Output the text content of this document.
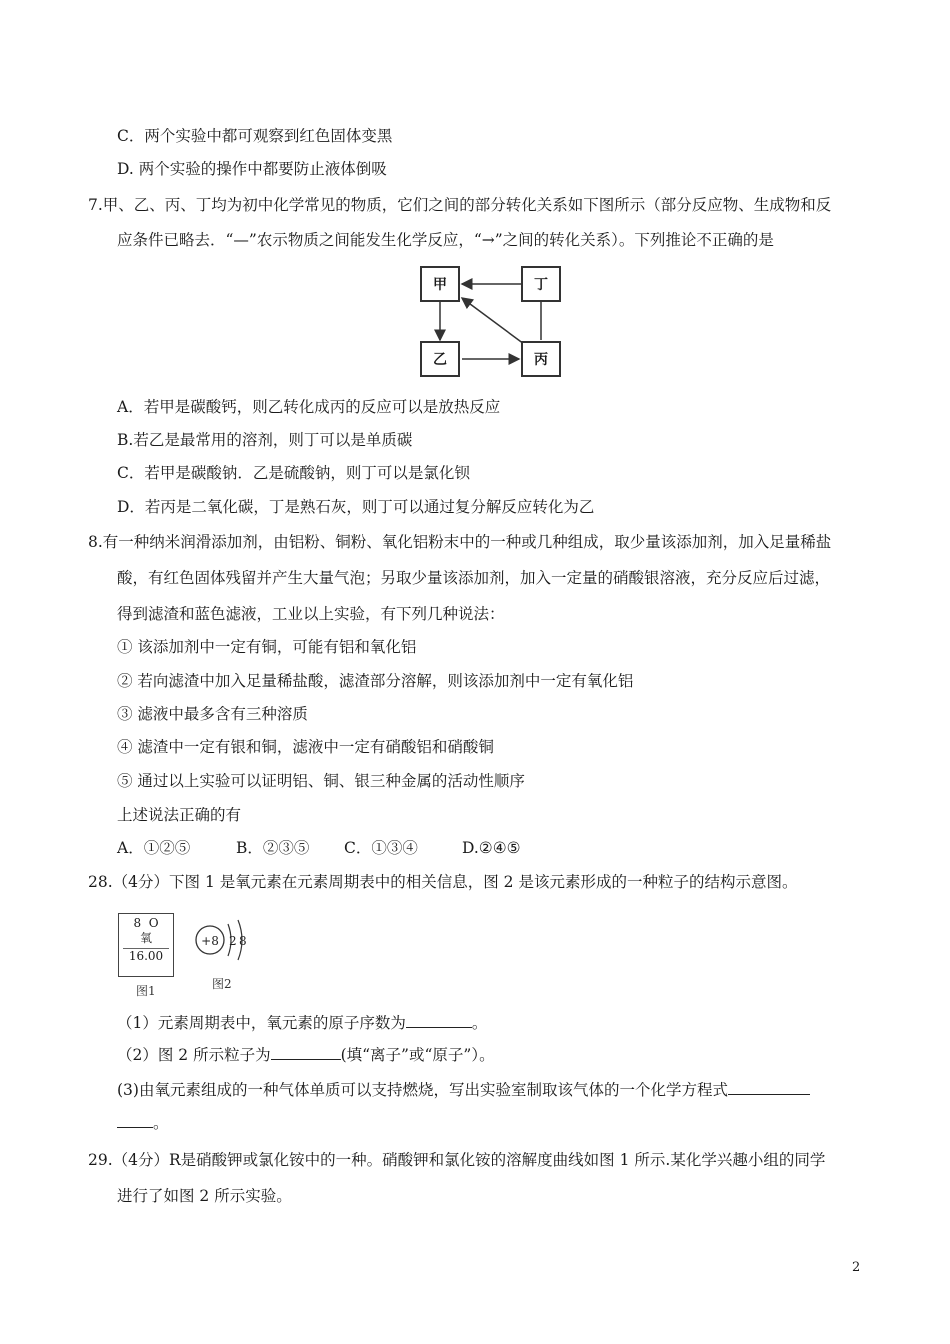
C．两个实验中都可观察到红色固体变黑
D. 两个实验的操作中都要防止液体倒吸
7.甲、乙、丙、丁均为初中化学常见的物质，它们之间的部分转化关系如下图所示（部分反应物、生成物和反
应条件已略去．“—”农示物质之间能发生化学反应，“→”之间的转化关系）。下列推论不正确的是
甲	丁
乙	丙
A．若甲是碳酸钙，则乙转化成丙的反应可以是放热反应
B.若乙是最常用的溶剂，则丁可以是单质碳
C．若甲是碳酸钠．乙是硫酸钠，则丁可以是氯化钡
D．若丙是二氧化碳，丁是熟石灰，则丁可以通过复分解反应转化为乙
8.有一种纳米润滑添加剂，由铝粉、铜粉、氧化铝粉末中的一种或几种组成，取少量该添加剂，加入足量稀盐
酸，有红色固体残留并产生大量气泡；另取少量该添加剂，加入一定量的硝酸银溶液，充分反应后过滤，
得到滤渣和蓝色滤液，工业以上实验，有下列几种说法：
① 该添加剂中一定有铜，可能有铝和氧化铝
② 若向滤渣中加入足量稀盐酸，滤渣部分溶解，则该添加剂中一定有氧化铝
③ 滤液中最多含有三种溶质
④ 滤渣中一定有银和铜，滤液中一定有硝酸铝和硝酸铜
⑤ 通过以上实验可以证明铝、铜、银三种金属的活动性顺序
上述说法正确的有
A．①②⑤	B．②③⑤ C．①③④	D.②④⑤
28.（4分）下图 1 是氧元素在元素周期表中的相关信息，图 2 是该元素形成的一种粒子的结构示意图。
8 O
氧
16.00
图1
+8 2 8
图2
（1）元素周期表中，氧元素的原子序数为	。
（2）图 2 所示粒子为	(填“离子”或“原子”）。
(3)由氧元素组成的一种气体单质可以支持燃烧，写出实验室制取该气体的一个化学方程式
。
29.（4分）R是硝酸钾或氯化铵中的一种。硝酸钾和氯化铵的溶解度曲线如图 1 所示.某化学兴趣小组的同学
进行了如图 2 所示实验。
2
